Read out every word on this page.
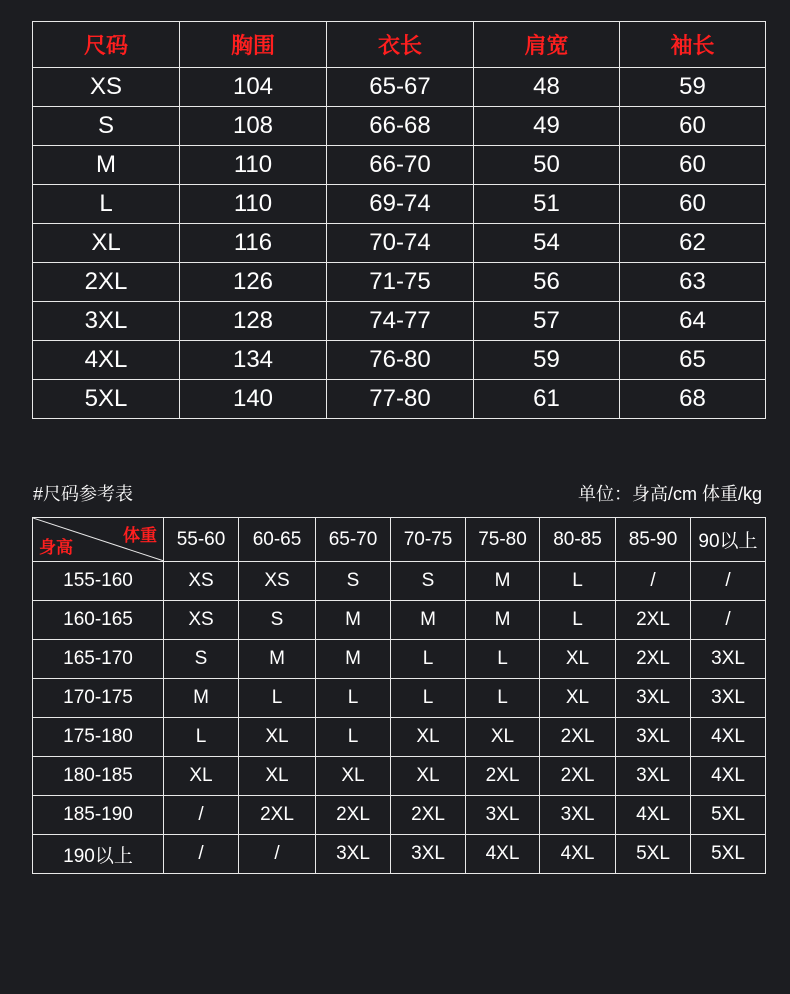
尺码	胸围	衣长	肩宽	袖长
XS	104	65-67	48	59
S	108	66-68	49	60
M	110	66-70	50	60
L	110	69-74	51	60
XL	116	70-74	54	62
2XL	126	71-75	56	63
3XL	128	74-77	57	64
4XL	134	76-80	59	65
5XL	140	77-80	61	68
#尺码参考表	单位：身高/cm 体重/kg
体重
身高	55-60	60-65	65-70	70-75	75-80	80-85	85-90	90以上
155-160	XS	XS	S	S	M	L	/	/
160-165	XS	S	M	M	M	L	2XL	/
165-170	S	M	M	L	L	XL	2XL	3XL
170-175	M	L	L	L	L	XL	3XL	3XL
175-180	L	XL	L	XL	XL	2XL	3XL	4XL
180-185	XL	XL	XL	XL	2XL	2XL	3XL	4XL
185-190	/	2XL	2XL	2XL	3XL	3XL	4XL	5XL
190以上	/	/	3XL	3XL	4XL	4XL	5XL	5XL
